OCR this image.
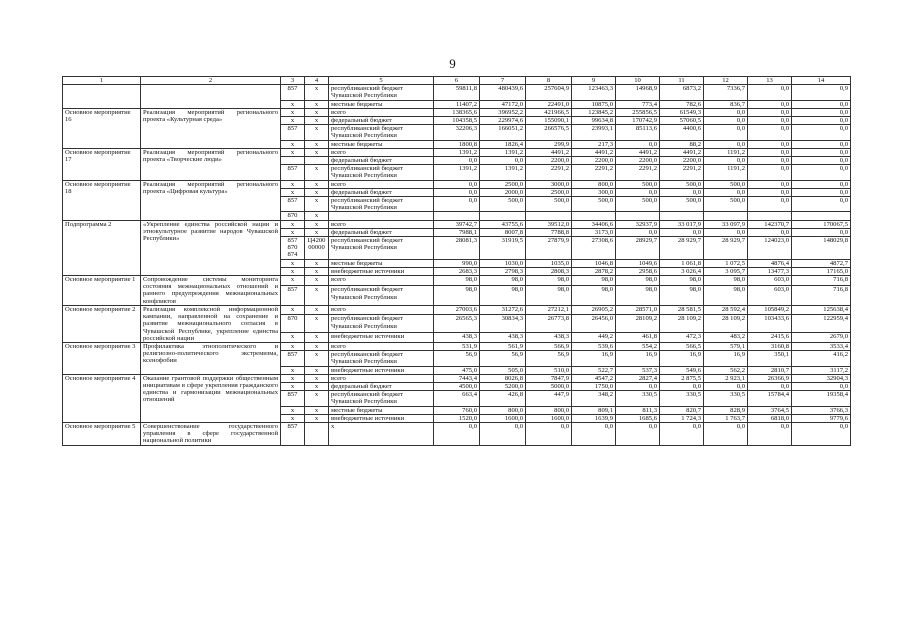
9
1	2	3	4	5	6	7	8	9	10	11	12	13	14
		857	х	республиканский бюджет Чувашской Республики	59811,8	480439,6	257604,9	123463,3	14968,9	6873,2	7336,7	0,0	0,9
		х	х	местные бюджеты	11407,2	47172,0	22491,0	10875,0	773,4	782,6	836,7	0,0	0,0
Основное мероприятие 16	Реализация мероприятий регионального проекта «Культурная среда»	х	х	всего	138365,6	396952,2	421966,5	123845,2	255856,5	61549,3	0,0	0,0	0,0
		х	х	федеральный бюджет	104358,5	229974,6	155090,1	99634,8	170742,9	57060,5	0,0	0,0	0,0
		857	х	республиканский бюджет Чувашской Республики	32206,3	166051,2	266576,5	23993,1	85113,6	4400,6	0,0	0,0	0,0
		х	х	местные бюджеты	1800,8	1826,4	299,9	217,3	0,0	88,2	0,0	0,0	0,0
Основное мероприятие 17	Реализация мероприятий регионального проекта «Творческие люди»	х	х	всего	1391,2	1391,2	4491,2	4491,2	4491,2	4491,2	1191,2	0,0	0,0
				федеральный бюджет	0,0	0,0	2200,0	2200,0	2200,0	2200,0	0,0	0,0	0,0
		857	х	республиканский бюджет Чувашской Республики	1391,2	1391,2	2291,2	2291,2	2291,2	2291,2	1191,2	0,0	0,0
Основное мероприятие 18	Реализация мероприятий регионального проекта «Цифровая культура»	х	х	всего	0,0	2500,0	3000,0	800,0	500,0	500,0	500,0	0,0	0,0
		х	х	федеральный бюджет	0,0	2000,0	2500,0	300,0	0,0	0,0	0,0	0,0	0,0
		857	х	республиканский бюджет Чувашской Республики	0,0	500,0	500,0	500,0	500,0	500,0	500,0	0,0	0,0
		870	х										
Подпрограмма 2	«Укрепление единства российской нации и этнокультурное развитие народов Чувашской Республики»	х	х	всего	39742,7	43755,6	39512,0	34406,6	32937,9	33 017,9	33 097,9	142370,7	170067,5
		х	х	федеральный бюджет	7988,1	8007,8	7788,8	3173,0	0,0	0,0	0,0	0,0	0,0
		857 870 874	Ц4200 00000	республиканский бюджет Чувашской Республики	28081,3	31919,5	27879,9	27308,6	28929,7	28 929,7	28 929,7	124023,0	148029,8
		х	х	местные бюджеты	990,0	1030,0	1035,0	1046,8	1049,6	1 061,8	1 072,5	4876,4	4872,7
		х	х	внебюджетные источники	2683,3	2798,3	2808,3	2878,2	2958,6	3 026,4	3 095,7	13477,3	17165,0
Основное мероприятие 1	Сопровождение системы мониторинга состояния межнациональных отношений и раннего предупреждения межнациональных конфликтов	х	х	всего	98,0	98,0	98,0	98,0	98,0	98,0	98,0	603,0	716,8
		857	х	республиканский бюджет Чувашской Республики	98,0	98,0	98,0	98,0	98,0	98,0	98,0	603,0	716,8
Основное мероприятие 2	Реализация комплексной информационной кампании, направленной на сохранение и развитие межнационального согласия в Чувашской Республике, укрепление единства российской нации	х	х	всего	27003,6	31272,6	27212,1	26905,2	28571,0	28 581,5	28 592,4	105849,2	125638,4
		870	х	республиканский бюджет Чувашской Республики	26565,3	30834,3	26773,8	26456,0	28109,2	28 109,2	28 109,2	103433,6	122959,4
		х	х	внебюджетные источники	438,3	438,3	438,3	449,2	461,8	472,3	483,2	2415,6	2679,0
Основное мероприятие 3	Профилактика этнополитического и религиозно-политического экстремизма, ксенофобии	х	х	всего	531,9	561,9	566,9	539,6	554,2	566,5	579,1	3160,8	3533,4
		857	х	республиканский бюджет Чувашской Республики	56,9	56,9	56,9	16,9	16,9	16,9	16,9	350,1	416,2
		х	х	внебюджетные источники	475,0	505,0	510,0	522,7	537,3	549,6	562,2	2810,7	3117,2
Основное мероприятие 4	Оказание грантовой поддержки общественным инициативам в сфере укрепления гражданского единства и гармонизации межнациональных отношений	х	х	всего	7443,4	8026,8	7847,9	4547,2	2827,4	2 875,5	2 923,1	26366,9	32904,3
		х	х	федеральный бюджет	4500,0	5200,0	5000,0	1750,0	0,0	0,0	0,0	0,0	0,0
		857	х	республиканский бюджет Чувашской Республики	663,4	426,8	447,9	348,2	330,5	330,5	330,5	15784,4	19358,4
		х	х	местные бюджеты	760,0	800,0	800,0	809,1	811,3	820,7	828,9	3764,5	3766,3
		х	х	внебюджетные источники	1520,0	1600,0	1600,0	1639,9	1685,6	1 724,3	1 763,7	6818,0	9779,6
Основное мероприятие 5	Совершенствование государственного управления в сфере государственной национальной политики	857		х	0,0	0,0	0,0	0,0	0,0	0,0	0,0	0,0	0,0
